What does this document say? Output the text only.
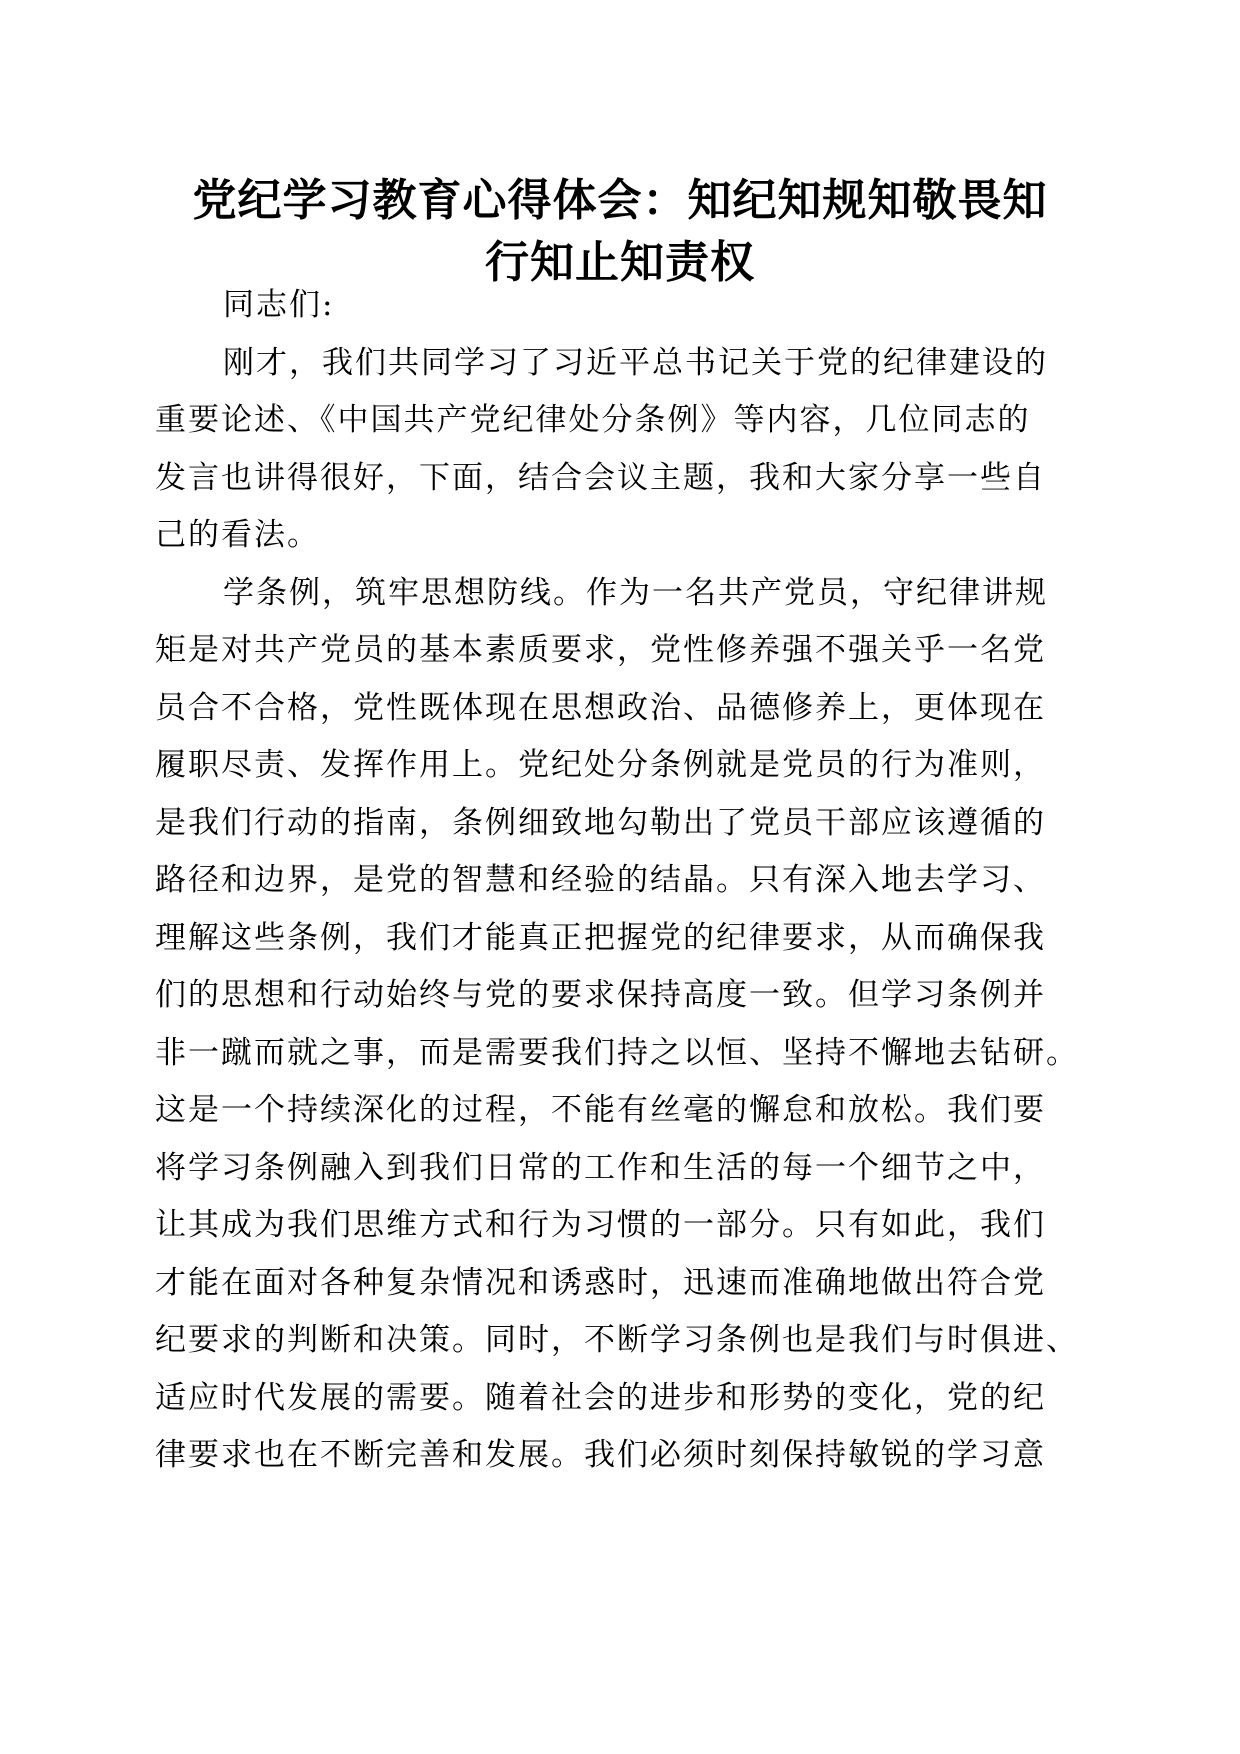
党纪学习教育心得体会：知纪知规知敬畏知
行知止知责权
同志们:
刚才，我们共同学习了习近平总书记关于党的纪律建设的
重要论述、《中国共产党纪律处分条例》等内容，几位同志的
发言也讲得很好，下面，结合会议主题，我和大家分享一些自
己的看法。
学条例，筑牢思想防线。作为一名共产党员，守纪律讲规
矩是对共产党员的基本素质要求，党性修养强不强关乎一名党
员合不合格，党性既体现在思想政治、品德修养上，更体现在
履职尽责、发挥作用上。党纪处分条例就是党员的行为准则，
是我们行动的指南，条例细致地勾勒出了党员干部应该遵循的
路径和边界，是党的智慧和经验的结晶。只有深入地去学习、
理解这些条例，我们才能真正把握党的纪律要求，从而确保我
们的思想和行动始终与党的要求保持高度一致。但学习条例并
非一蹴而就之事，而是需要我们持之以恒、坚持不懈地去钻研。
这是一个持续深化的过程，不能有丝毫的懈怠和放松。我们要
将学习条例融入到我们日常的工作和生活的每一个细节之中，
让其成为我们思维方式和行为习惯的一部分。只有如此，我们
才能在面对各种复杂情况和诱惑时，迅速而准确地做出符合党
纪要求的判断和决策。同时，不断学习条例也是我们与时俱进、
适应时代发展的需要。随着社会的进步和形势的变化，党的纪
律要求也在不断完善和发展。我们必须时刻保持敏锐的学习意
